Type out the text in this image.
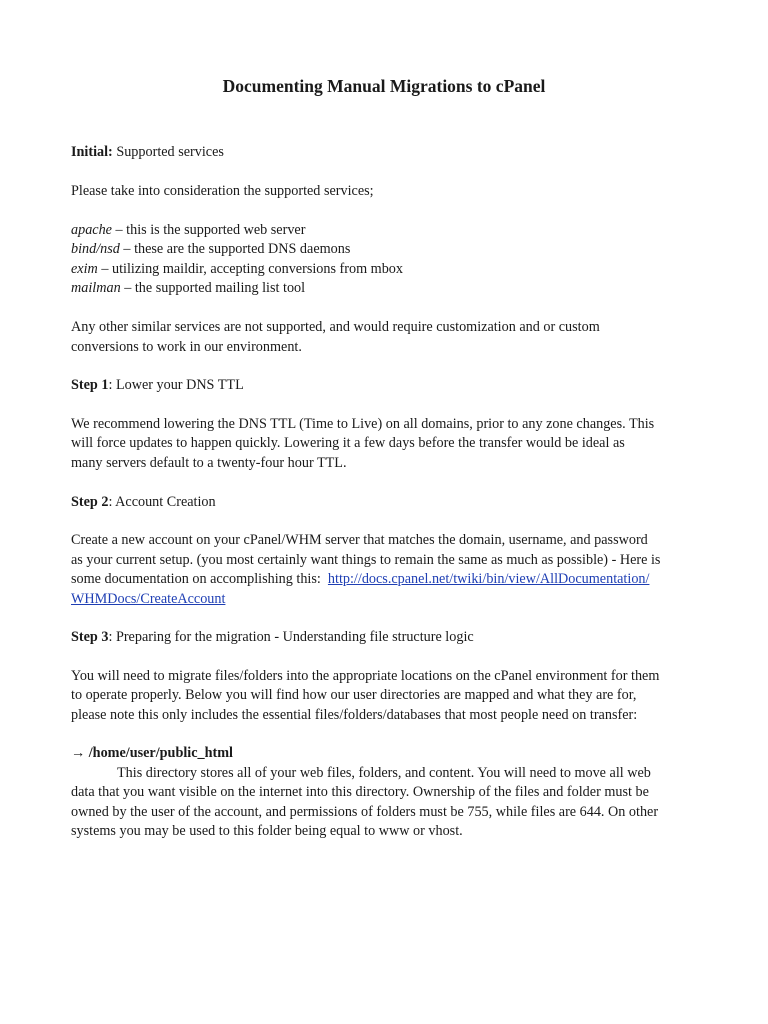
Documenting Manual Migrations to cPanel

Initial: Supported services

Please take into consideration the supported services;

apache – this is the supported web server

bind/nsd – these are the supported DNS daemons

exim – utilizing maildir, accepting conversions from mbox

mailman – the supported mailing list tool

Any other similar services are not supported, and would require customization and or custom

conversions to work in our environment.

Step 1: Lower your DNS TTL

We recommend lowering the DNS TTL (Time to Live) on all domains, prior to any zone changes. This

will force updates to happen quickly. Lowering it a few days before the transfer would be ideal as

many servers default to a twenty-four hour TTL.

Step 2: Account Creation

Create a new account on your cPanel/WHM server that matches the domain, username, and password

as your current setup. (you most certainly want things to remain the same as much as possible) - Here is

some documentation on accomplishing this:  http://docs.cpanel.net/twiki/bin/view/AllDocumentation/

WHMDocs/CreateAccount

Step 3: Preparing for the migration - Understanding file structure logic

You will need to migrate files/folders into the appropriate locations on the cPanel environment for them

to operate properly. Below you will find how our user directories are mapped and what they are for,

please note this only includes the essential files/folders/databases that most people need on transfer:

→ /home/user/public_html

This directory stores all of your web files, folders, and content. You will need to move all web

data that you want visible on the internet into this directory. Ownership of the files and folder must be

owned by the user of the account, and permissions of folders must be 755, while files are 644. On other

systems you may be used to this folder being equal to www or vhost.
